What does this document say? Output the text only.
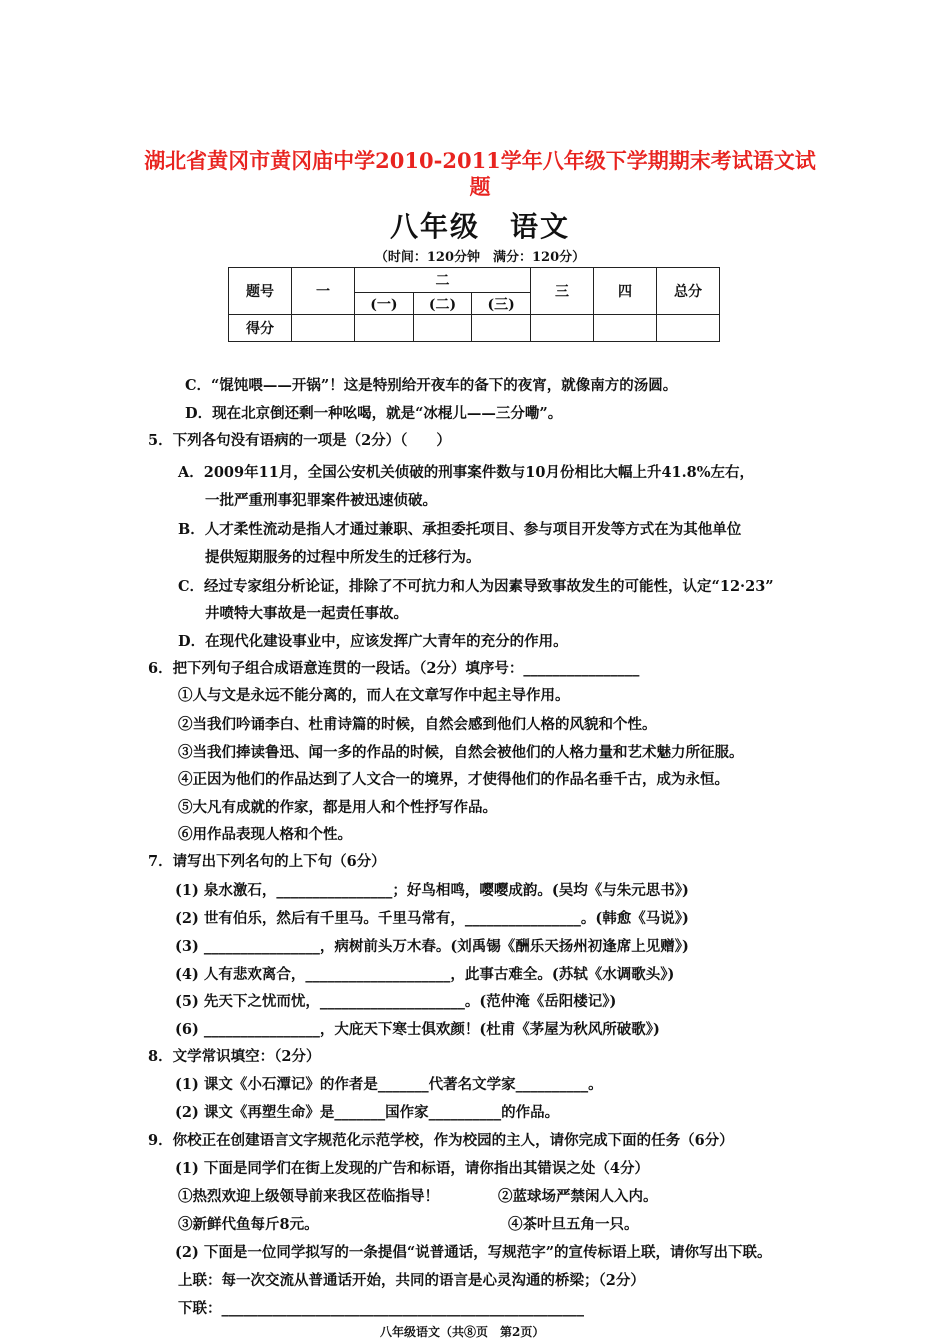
湖北省黄冈市黄冈庙中学2010-2011学年八年级下学期期末考试语文试题
八年级　语文
（时间：120分钟　满分：120分）
题号	一	二			三	四	总分
		(一)	(二)	(三)			
得分							
C．“馄饨喂——开锅”！这是特别给开夜车的备下的夜宵，就像南方的汤圆。
D．现在北京倒还剩一种吆喝，就是“冰棍儿——三分嘞”。
5．下列各句没有语病的一项是（2分）（　　）
A．2009年11月，全国公安机关侦破的刑事案件数与10月份相比大幅上升41.8%左右，
一批严重刑事犯罪案件被迅速侦破。
B．人才柔性流动是指人才通过兼职、承担委托项目、参与项目开发等方式在为其他单位
提供短期服务的过程中所发生的迁移行为。
C．经过专家组分析论证，排除了不可抗力和人为因素导致事故发生的可能性，认定“12·23”
井喷特大事故是一起责任事故。
D．在现代化建设事业中，应该发挥广大青年的充分的作用。
6．把下列句子组合成语意连贯的一段话。（2分）填序号：________________
①人与文是永远不能分离的，而人在文章写作中起主导作用。
②当我们吟诵李白、杜甫诗篇的时候，自然会感到他们人格的风貌和个性。
③当我们捧读鲁迅、闻一多的作品的时候，自然会被他们的人格力量和艺术魅力所征服。
④正因为他们的作品达到了人文合一的境界，才使得他们的作品名垂千古，成为永恒。
⑤大凡有成就的作家，都是用人和个性抒写作品。
⑥用作品表现人格和个性。
7．请写出下列名句的上下句（6分）
(1) 泉水激石，________________；好鸟相鸣，嘤嘤成韵。(吴均《与朱元思书》)
(2) 世有伯乐，然后有千里马。千里马常有，________________。(韩愈《马说》)
(3) ________________，病树前头万木春。(刘禹锡《酬乐天扬州初逢席上见赠》)
(4) 人有悲欢离合，____________________，此事古难全。(苏轼《水调歌头》)
(5) 先天下之忧而忧，____________________。(范仲淹《岳阳楼记》)
(6) ________________，大庇天下寒士俱欢颜！(杜甫《茅屋为秋风所破歌》)
8．文学常识填空：（2分）
(1) 课文《小石潭记》的作者是_______代著名文学家__________。
(2) 课文《再塑生命》是_______国作家__________的作品。
9．你校正在创建语言文字规范化示范学校，作为校园的主人，请你完成下面的任务（6分）
(1) 下面是同学们在街上发现的广告和标语，请你指出其错误之处（4分）
①热烈欢迎上级领导前来我区莅临指导！	②蓝球场严禁闲人入内。
③新鲜代鱼每斤8元。	④茶叶旦五角一只。
(2) 下面是一位同学拟写的一条提倡“说普通话，写规范字”的宣传标语上联，请你写出下联。
上联：每一次交流从普通话开始，共同的语言是心灵沟通的桥梁；（2分）
下联：__________________________________________________
八年级语文（共⑧页　第2页）
